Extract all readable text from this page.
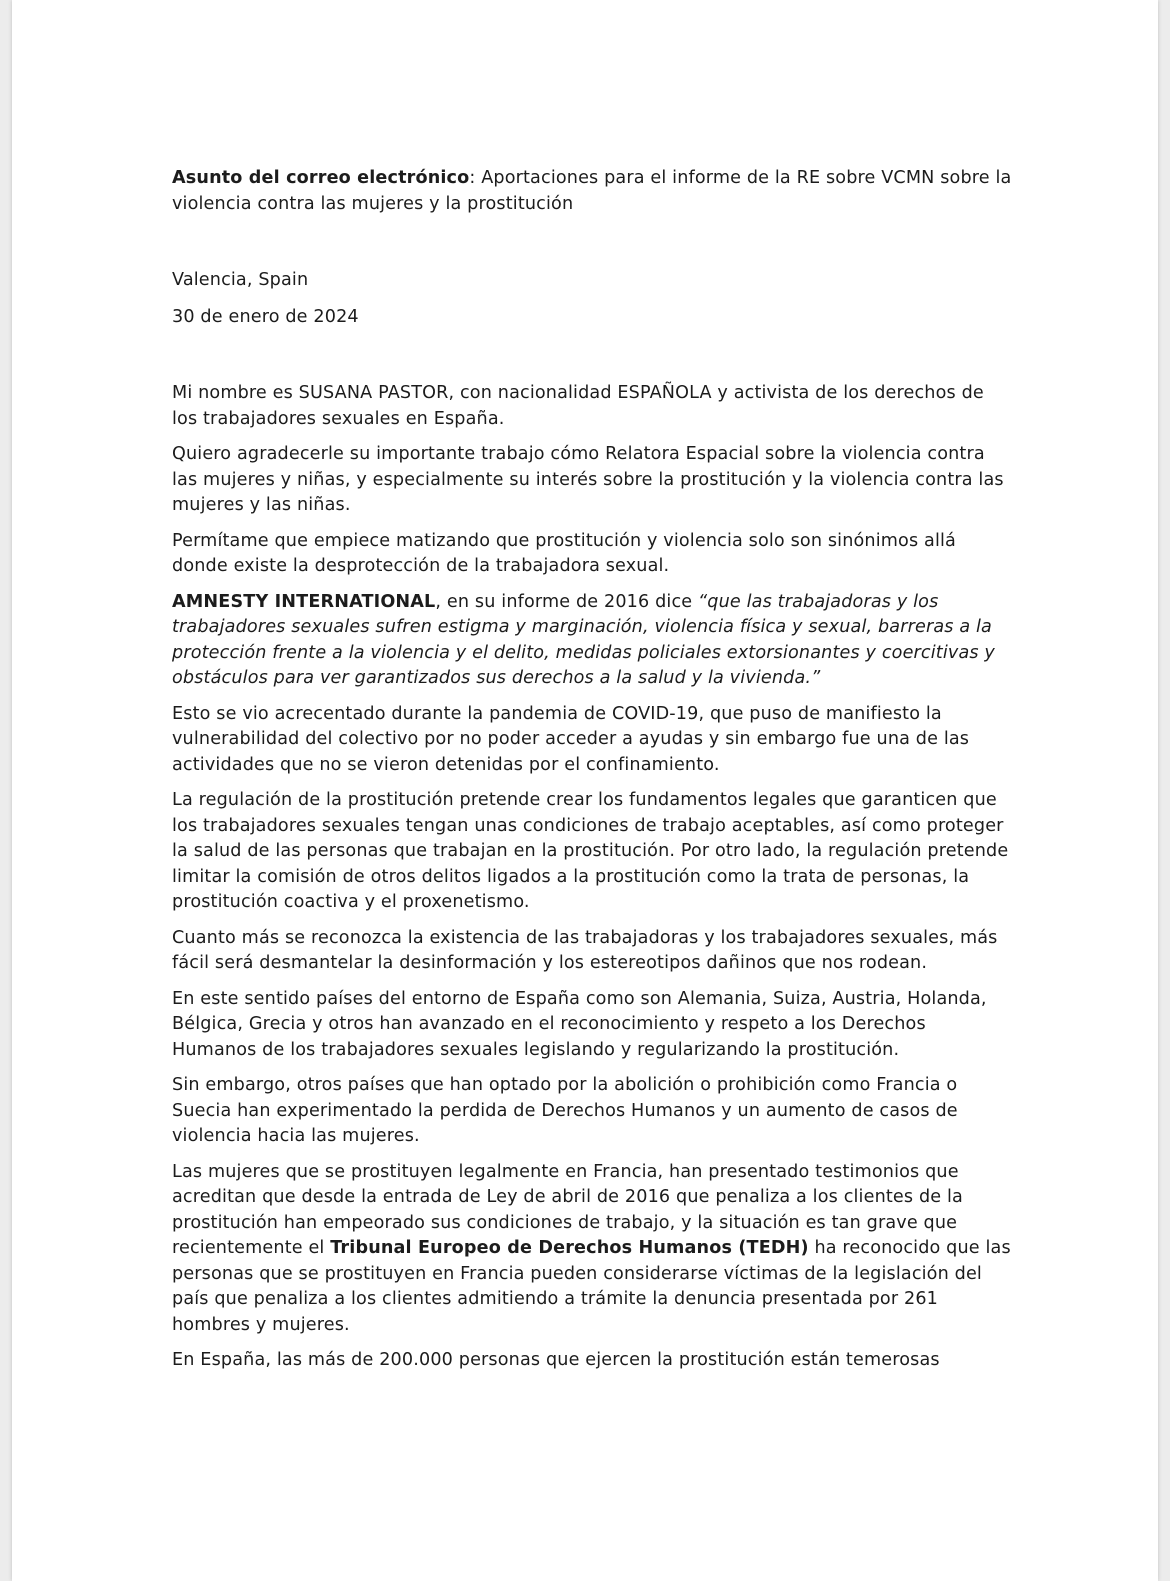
Asunto del correo electrónico: Aportaciones para el informe de la RE sobre VCMN sobre la violencia contra las mujeres y la prostitución

Valencia, Spain

30 de enero de 2024

Mi nombre es SUSANA PASTOR, con nacionalidad ESPAÑOLA y activista de los derechos de los trabajadores sexuales en España.

Quiero agradecerle su importante trabajo cómo Relatora Espacial sobre la violencia contra las mujeres y niñas, y especialmente su interés sobre la prostitución y la violencia contra las mujeres y las niñas.

Permítame que empiece matizando que prostitución y violencia solo son sinónimos allá donde existe la desprotección de la trabajadora sexual.

AMNESTY INTERNATIONAL, en su informe de 2016 dice “que las trabajadoras y los trabajadores sexuales sufren estigma y marginación, violencia física y sexual, barreras a la protección frente a la violencia y el delito, medidas policiales extorsionantes y coercitivas y obstáculos para ver garantizados sus derechos a la salud y la vivienda.”

Esto se vio acrecentado durante la pandemia de COVID-19, que puso de manifiesto la vulnerabilidad del colectivo por no poder acceder a ayudas y sin embargo fue una de las actividades que no se vieron detenidas por el confinamiento.

La regulación de la prostitución pretende crear los fundamentos legales que garanticen que los trabajadores sexuales tengan unas condiciones de trabajo aceptables, así como proteger la salud de las personas que trabajan en la prostitución. Por otro lado, la regulación pretende limitar la comisión de otros delitos ligados a la prostitución como la trata de personas, la prostitución coactiva y el proxenetismo.

Cuanto más se reconozca la existencia de las trabajadoras y los trabajadores sexuales, más fácil será desmantelar la desinformación y los estereotipos dañinos que nos rodean.

En este sentido países del entorno de España como son Alemania, Suiza, Austria, Holanda, Bélgica, Grecia y otros han avanzado en el reconocimiento y respeto a los Derechos Humanos de los trabajadores sexuales legislando y regularizando la prostitución.

Sin embargo, otros países que han optado por la abolición o prohibición como Francia o Suecia han experimentado la perdida de Derechos Humanos y un aumento de casos de violencia hacia las mujeres.

Las mujeres que se prostituyen legalmente en Francia, han presentado testimonios que acreditan que desde la entrada de Ley de abril de 2016 que penaliza a los clientes de la prostitución han empeorado sus condiciones de trabajo, y la situación es tan grave que recientemente el Tribunal Europeo de Derechos Humanos (TEDH) ha reconocido que las personas que se prostituyen en Francia pueden considerarse víctimas de la legislación del país que penaliza a los clientes admitiendo a trámite la denuncia presentada por 261 hombres y mujeres.

En España, las más de 200.000 personas que ejercen la prostitución están temerosas
